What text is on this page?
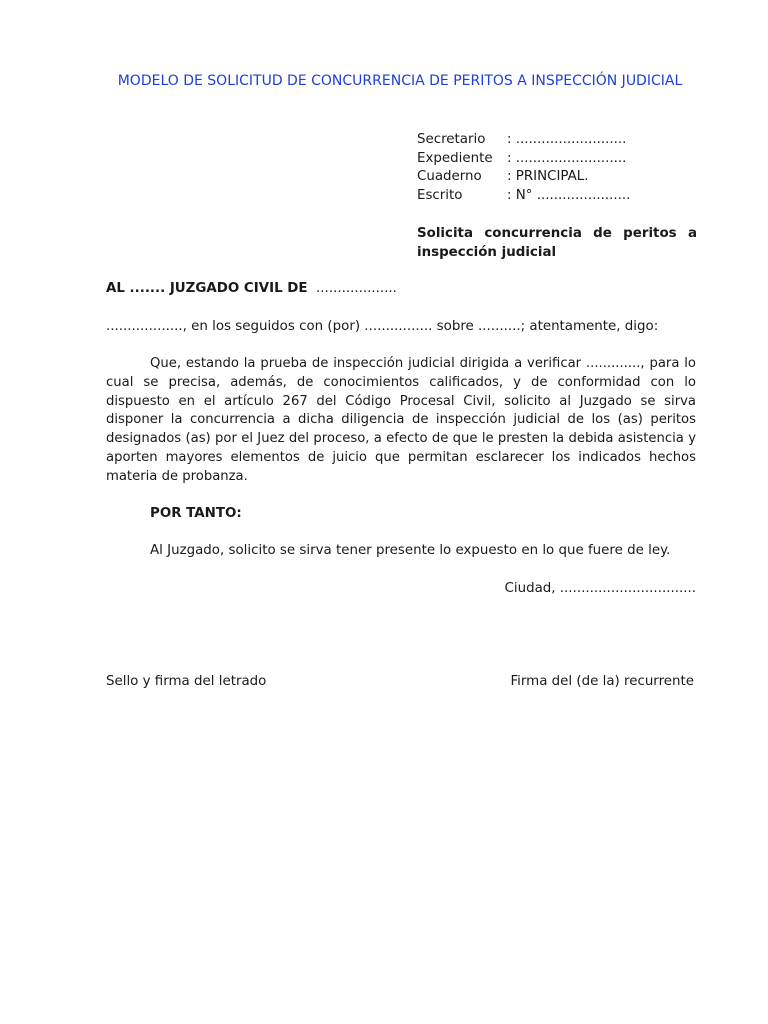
MODELO DE SOLICITUD DE CONCURRENCIA DE PERITOS A INSPECCIÓN JUDICIAL
Secretario : ..........................
Expediente : ..........................
Cuaderno : PRINCIPAL.
Escrito	: N° ......................
Solicita concurrencia de peritos a inspección judicial
AL ....... JUZGADO CIVIL DE ...................
.................., en los seguidos con (por) ................ sobre ..........; atentamente, digo:
Que, estando la prueba de inspección judicial dirigida a verificar ............., para lo cual se precisa, además, de conocimientos calificados, y de conformidad con lo dispuesto en el artículo 267 del Código Procesal Civil, solicito al Juzgado se sirva disponer la concurrencia a dicha diligencia de inspección judicial de los (as) peritos designados (as) por el Juez del proceso, a efecto de que le presten la debida asistencia y aporten mayores elementos de juicio que permitan esclarecer los indicados hechos materia de probanza.
POR TANTO:
Al Juzgado, solicito se sirva tener presente lo expuesto en lo que fuere de ley.
Ciudad, ................................
Sello y firma del letrado	Firma del (de la) recurrente
